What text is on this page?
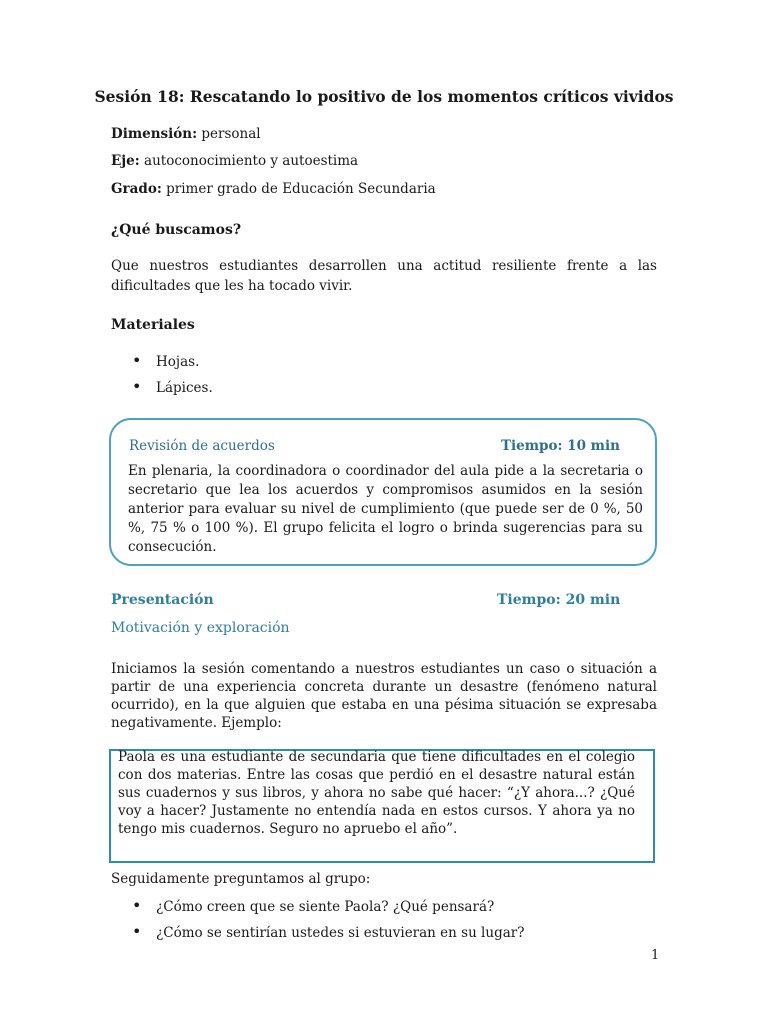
Sesión 18: Rescatando lo positivo de los momentos críticos vividos
Dimensión: personal
Eje: autoconocimiento y autoestima
Grado: primer grado de Educación Secundaria
¿Qué buscamos?
Que nuestros estudiantes desarrollen una actitud resiliente frente a las dificultades que les ha tocado vivir.
Materiales
• Hojas.
• Lápices.
Revisión de acuerdos	Tiempo: 10 min
En plenaria, la coordinadora o coordinador del aula pide a la secretaria o secretario que lea los acuerdos y compromisos asumidos en la sesión anterior para evaluar su nivel de cumplimiento (que puede ser de 0 %, 50 %, 75 % o 100 %). El grupo felicita el logro o brinda sugerencias para su consecución.
Presentación	Tiempo: 20 min
Motivación y exploración
Iniciamos la sesión comentando a nuestros estudiantes un caso o situación a partir de una experiencia concreta durante un desastre (fenómeno natural ocurrido), en la que alguien que estaba en una pésima situación se expresaba negativamente. Ejemplo:
Paola es una estudiante de secundaria que tiene dificultades en el colegio con dos materias. Entre las cosas que perdió en el desastre natural están sus cuadernos y sus libros, y ahora no sabe qué hacer: “¿Y ahora...? ¿Qué voy a hacer? Justamente no entendía nada en estos cursos. Y ahora ya no tengo mis cuadernos. Seguro no apruebo el año”.
Seguidamente preguntamos al grupo:
• ¿Cómo creen que se siente Paola? ¿Qué pensará?
• ¿Cómo se sentirían ustedes si estuvieran en su lugar?
1
